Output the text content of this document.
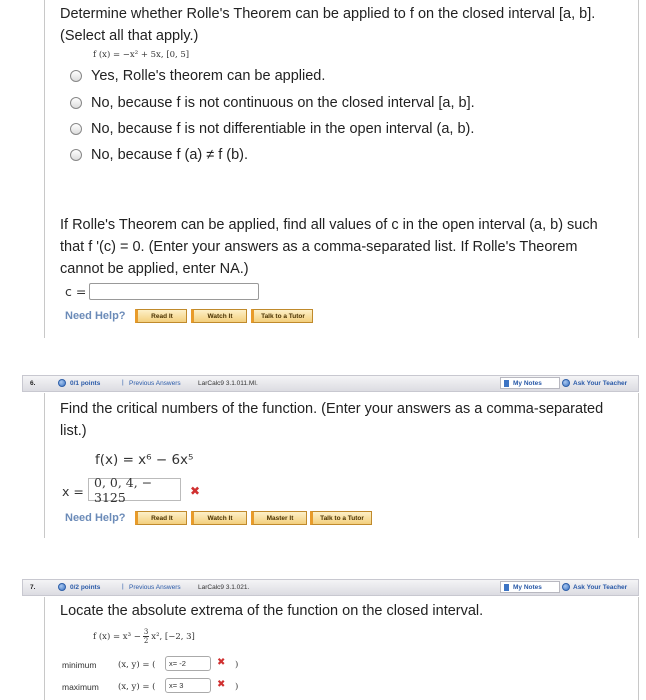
Determine whether Rolle's Theorem can be applied to f on the closed interval [a, b]. (Select all that apply.)
f (x) = −x² + 5x, [0, 5]
Yes, Rolle's theorem can be applied.
No, because f is not continuous on the closed interval [a, b].
No, because f is not differentiable in the open interval (a, b).
No, because f (a) ≠ f (b).
If Rolle's Theorem can be applied, find all values of c in the open interval (a, b) such that f '(c) = 0. (Enter your answers as a comma-separated list. If Rolle's Theorem cannot be applied, enter NA.)
c =
Need Help?	Read It	Watch It	Talk to a Tutor
6.	0/1 points	| Previous Answers	LarCalc9 3.1.011.MI.	My Notes	Ask Your Teacher
Find the critical numbers of the function. (Enter your answers as a comma-separated list.)
f(x) = x⁶ − 6x⁵
x =
0, 0, 4, − 3125	✖
Need Help?	Read It	Watch It	Master It	Talk to a Tutor
7.	0/2 points	| Previous Answers	LarCalc9 3.1.021.	My Notes	Ask Your Teacher
Locate the absolute extrema of the function on the closed interval.
f $(x) = x^3 - \frac{3}{2} x^2$, [−2, 3]
minimum	(x, y) = (	x= -2	✖ )
maximum (x, y) = (	x= 3	✖ )
